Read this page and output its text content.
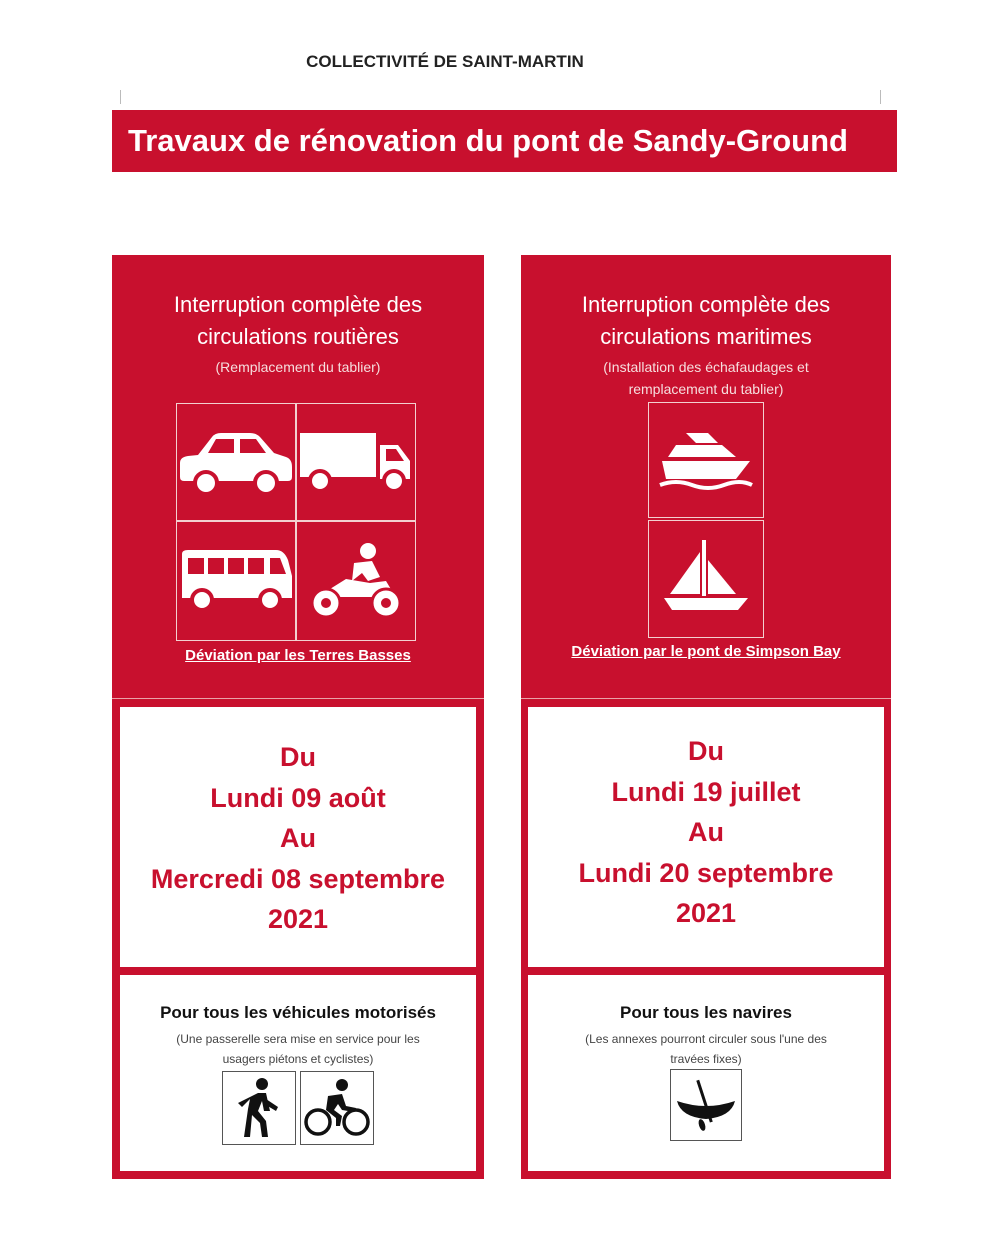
COLLECTIVITÉ DE SAINT-MARTIN
Travaux de rénovation du pont de Sandy-Ground
Interruption complète des
circulations routières
(Remplacement du tablier)
Déviation par les Terres Basses
Du
Lundi 09 août
Au
Mercredi 08 septembre
2021
Pour tous les véhicules motorisés
(Une passerelle sera mise en service pour les
usagers piétons et cyclistes)
Interruption complète des
circulations maritimes
(Installation des échafaudages et
remplacement du tablier)
Déviation par le pont de Simpson Bay
Du
Lundi 19 juillet
Au
Lundi 20 septembre
2021
Pour tous les navires
(Les annexes pourront circuler sous l'une des
travées fixes)
